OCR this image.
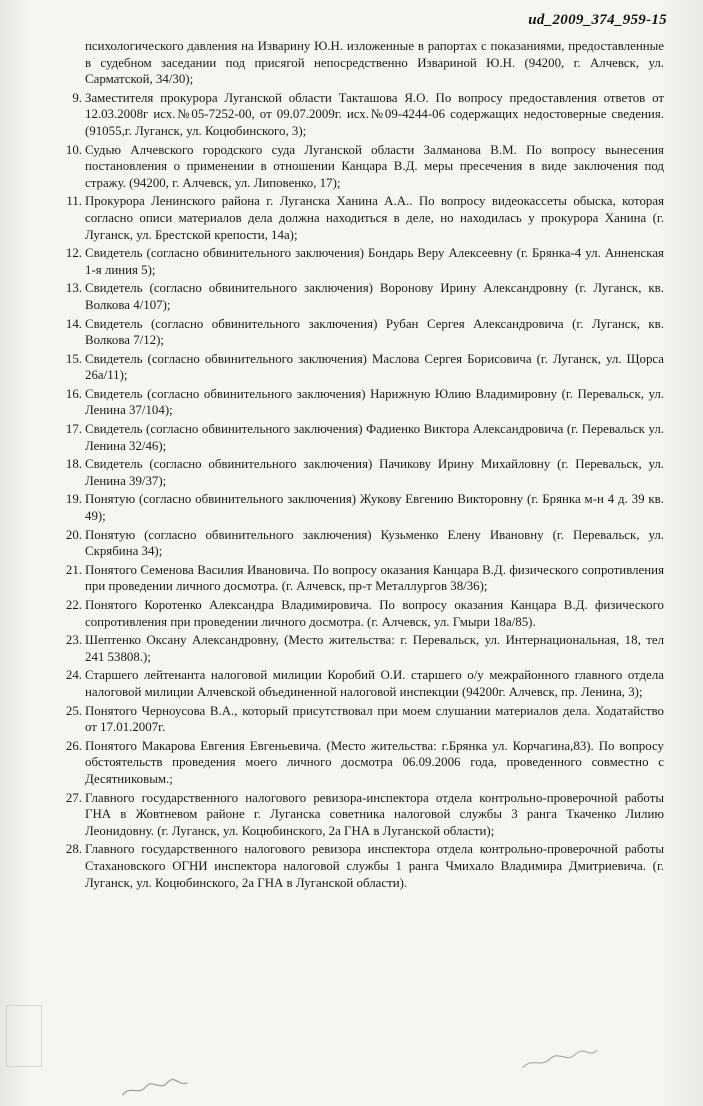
ud_2009_374_959-15
психологического давления на Изварину Ю.Н. изложенные в рапортах с показаниями, предоставленные в судебном заседании под присягой непосредственно Извариной Ю.Н. (94200, г. Алчевск, ул. Сарматской, 34/30);
9. Заместителя прокурора Луганской области Такташова Я.О. По вопросу предоставления ответов от 12.03.2008г исх.№05-7252-00, от 09.07.2009г. исх.№09-4244-06 содержащих недостоверные сведения. (91055,г. Луганск, ул. Коцюбинского, 3);
10. Судью Алчевского городского суда Луганской области Залманова В.М. По вопросу вынесения постановления о применении в отношении Канцара В.Д. меры пресечения в виде заключения под стражу. (94200, г. Алчевск, ул. Липовенко, 17);
11. Прокурора Ленинского района г. Луганска Ханина А.А.. По вопросу видеокассеты обыска, которая согласно описи материалов дела должна находиться в деле, но находилась у прокурора Ханина (г. Луганск, ул. Брестской крепости, 14а);
12. Свидетель (согласно обвинительного заключения) Бондарь Веру Алексеевну (г. Брянка-4 ул. Анненская 1-я линия 5);
13. Свидетель (согласно обвинительного заключения) Воронову Ирину Александровну (г. Луганск, кв. Волкова 4/107);
14. Свидетель (согласно обвинительного заключения) Рубан Сергея Александровича (г. Луганск, кв. Волкова 7/12);
15. Свидетель (согласно обвинительного заключения) Маслова Сергея Борисовича (г. Луганск, ул. Щорса 26а/11);
16. Свидетель (согласно обвинительного заключения) Нарижную Юлию Владимировну (г. Перевальск, ул. Ленина 37/104);
17. Свидетель (согласно обвинительного заключения) Фадиенко Виктора Александровича (г. Перевальск ул. Ленина 32/46);
18. Свидетель (согласно обвинительного заключения) Пачикову Ирину Михайловну (г. Перевальск, ул. Ленина 39/37);
19. Понятую (согласно обвинительного заключения) Жукову Евгению Викторовну (г. Брянка м-н 4 д. 39 кв. 49);
20. Понятую (согласно обвинительного заключения) Кузьменко Елену Ивановну (г. Перевальск, ул. Скрябина 34);
21. Понятого Семенова Василия Ивановича. По вопросу оказания Канцара В.Д. физического сопротивления при проведении личного досмотра. (г. Алчевск, пр-т Металлургов 38/36);
22. Понятого Коротенко Александра Владимировича. По вопросу оказания Канцара В.Д. физического сопротивления при проведении личного досмотра. (г. Алчевск, ул. Гмыри 18а/85).
23. Шептенко Оксану Александровну, (Место жительства: г. Перевальск, ул. Интернациональная, 18, тел 241 53808.);
24. Старшего лейтенанта налоговой милиции Коробий О.И. старшего о/у межрайонного главного отдела налоговой милиции Алчевской объединенной налоговой инспекции (94200г. Алчевск, пр. Ленина, 3);
25. Понятого Черноусова В.А., который присутствовал при моем слушании материалов дела. Ходатайство от 17.01.2007г.
26. Понятого Макарова Евгения Евгеньевича. (Место жительства: г.Брянка ул. Корчагина,83). По вопросу обстоятельств проведения моего личного досмотра 06.09.2006 года, проведенного совместно с Десятниковым.;
27. Главного государственного налогового ревизора-инспектора отдела контрольно-проверочной работы ГНА в Жовтневом районе г. Луганска советника налоговой службы 3 ранга Ткаченко Лилию Леонидовну. (г. Луганск, ул. Коцюбинского, 2а ГНА в Луганской области);
28. Главного государственного налогового ревизора инспектора отдела контрольно-проверочной работы Стахановского ОГНИ инспектора налоговой службы 1 ранга Чмихало Владимира Дмитриевича. (г. Луганск, ул. Коцюбинского, 2а ГНА в Луганской области).
